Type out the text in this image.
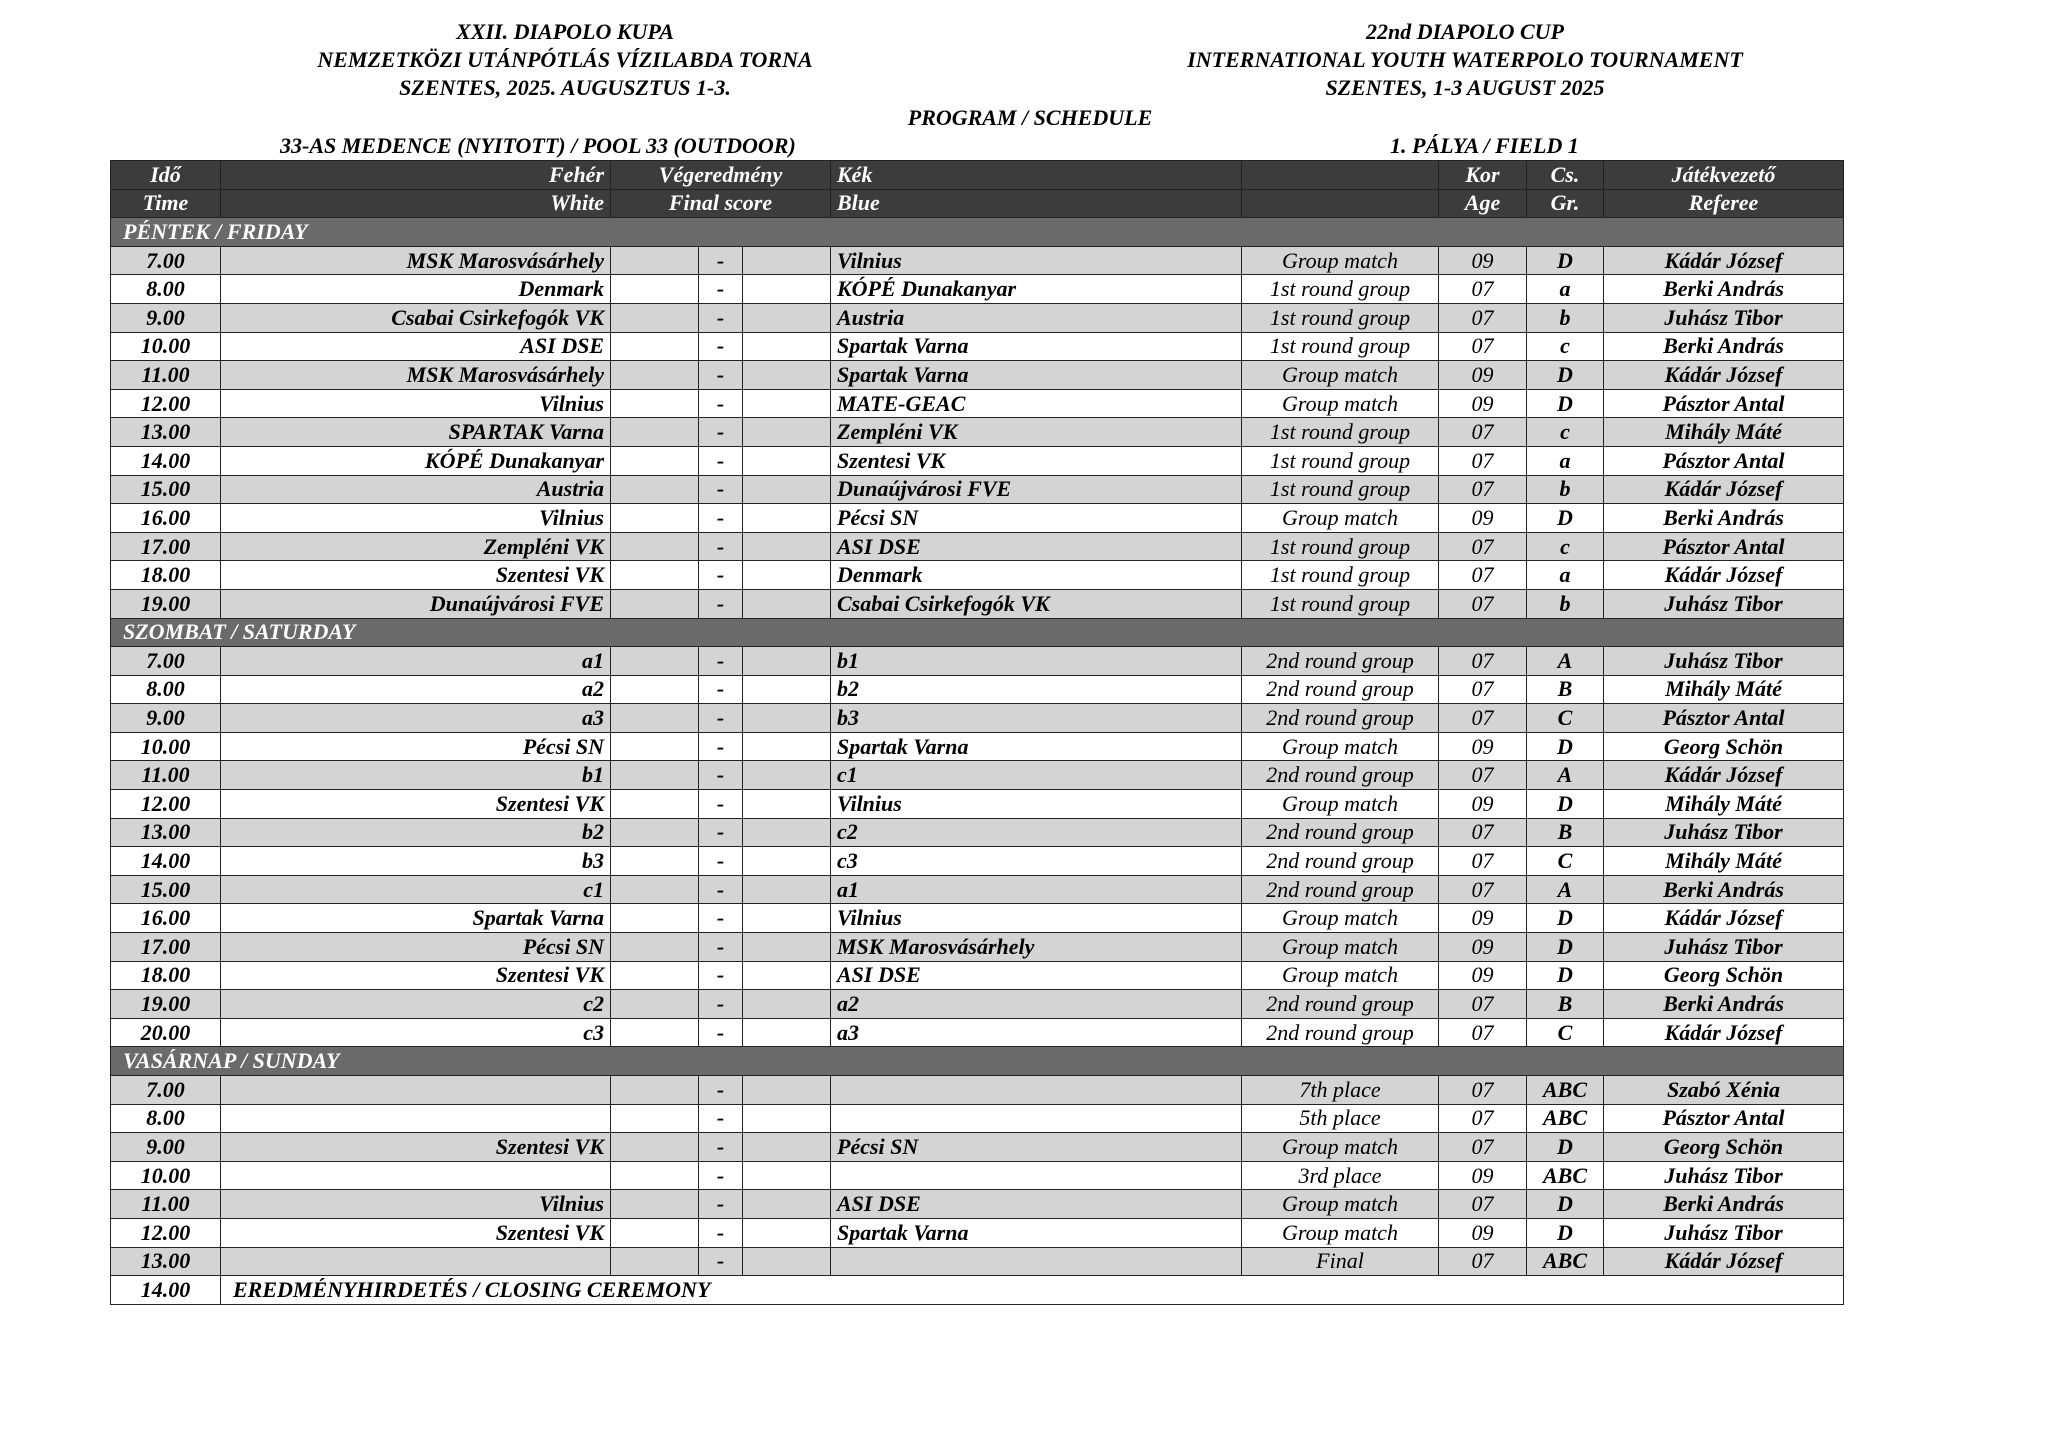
XXII. DIAPOLO KUPA
NEMZETKÖZI UTÁNPÓTLÁS VÍZILABDA TORNA
SZENTES, 2025. AUGUSZTUS 1-3.
22nd DIAPOLO CUP
INTERNATIONAL YOUTH WATERPOLO TOURNAMENT
SZENTES, 1-3 AUGUST 2025
PROGRAM / SCHEDULE
33-AS MEDENCE (NYITOTT) / POOL 33 (OUTDOOR)	1. PÁLYA / FIELD 1
Idő	Fehér	Végeredmény			Kék		Kor	Cs.	Játékvezető
Time	White	Final score			Blue		Age	Gr.	Referee
PÉNTEK / FRIDAY									
7.00	MSK Marosvásárhely		-		Vilnius	Group match	09	D	Kádár József
8.00	Denmark		-		KÓPÉ Dunakanyar	1st round group	07	a	Berki András
9.00	Csabai Csirkefogók VK		-		Austria	1st round group	07	b	Juhász Tibor
10.00	ASI DSE		-		Spartak Varna	1st round group	07	c	Berki András
11.00	MSK Marosvásárhely		-		Spartak Varna	Group match	09	D	Kádár József
12.00	Vilnius		-		MATE-GEAC	Group match	09	D	Pásztor Antal
13.00	SPARTAK Varna		-		Zempléni VK	1st round group	07	c	Mihály Máté
14.00	KÓPÉ Dunakanyar		-		Szentesi VK	1st round group	07	a	Pásztor Antal
15.00	Austria		-		Dunaújvárosi FVE	1st round group	07	b	Kádár József
16.00	Vilnius		-		Pécsi SN	Group match	09	D	Berki András
17.00	Zempléni VK		-		ASI DSE	1st round group	07	c	Pásztor Antal
18.00	Szentesi VK		-		Denmark	1st round group	07	a	Kádár József
19.00	Dunaújvárosi FVE		-		Csabai Csirkefogók VK	1st round group	07	b	Juhász Tibor
SZOMBAT / SATURDAY									
7.00	a1		-		b1	2nd round group	07	A	Juhász Tibor
8.00	a2		-		b2	2nd round group	07	B	Mihály Máté
9.00	a3		-		b3	2nd round group	07	C	Pásztor Antal
10.00	Pécsi SN		-		Spartak Varna	Group match	09	D	Georg Schön
11.00	b1		-		c1	2nd round group	07	A	Kádár József
12.00	Szentesi VK		-		Vilnius	Group match	09	D	Mihály Máté
13.00	b2		-		c2	2nd round group	07	B	Juhász Tibor
14.00	b3		-		c3	2nd round group	07	C	Mihály Máté
15.00	c1		-		a1	2nd round group	07	A	Berki András
16.00	Spartak Varna		-		Vilnius	Group match	09	D	Kádár József
17.00	Pécsi SN		-		MSK Marosvásárhely	Group match	09	D	Juhász Tibor
18.00	Szentesi VK		-		ASI DSE	Group match	09	D	Georg Schön
19.00	c2		-		a2	2nd round group	07	B	Berki András
20.00	c3		-		a3	2nd round group	07	C	Kádár József
VASÁRNAP / SUNDAY									
7.00			-			7th place	07	ABC	Szabó Xénia
8.00			-			5th place	07	ABC	Pásztor Antal
9.00	Szentesi VK		-		Pécsi SN	Group match	07	D	Georg Schön
10.00			-			3rd place	09	ABC	Juhász Tibor
11.00	Vilnius		-		ASI DSE	Group match	07	D	Berki András
12.00	Szentesi VK		-		Spartak Varna	Group match	09	D	Juhász Tibor
13.00			-			Final	07	ABC	Kádár József
14.00	EREDMÉNYHIRDETÉS / CLOSING CEREMONY								
